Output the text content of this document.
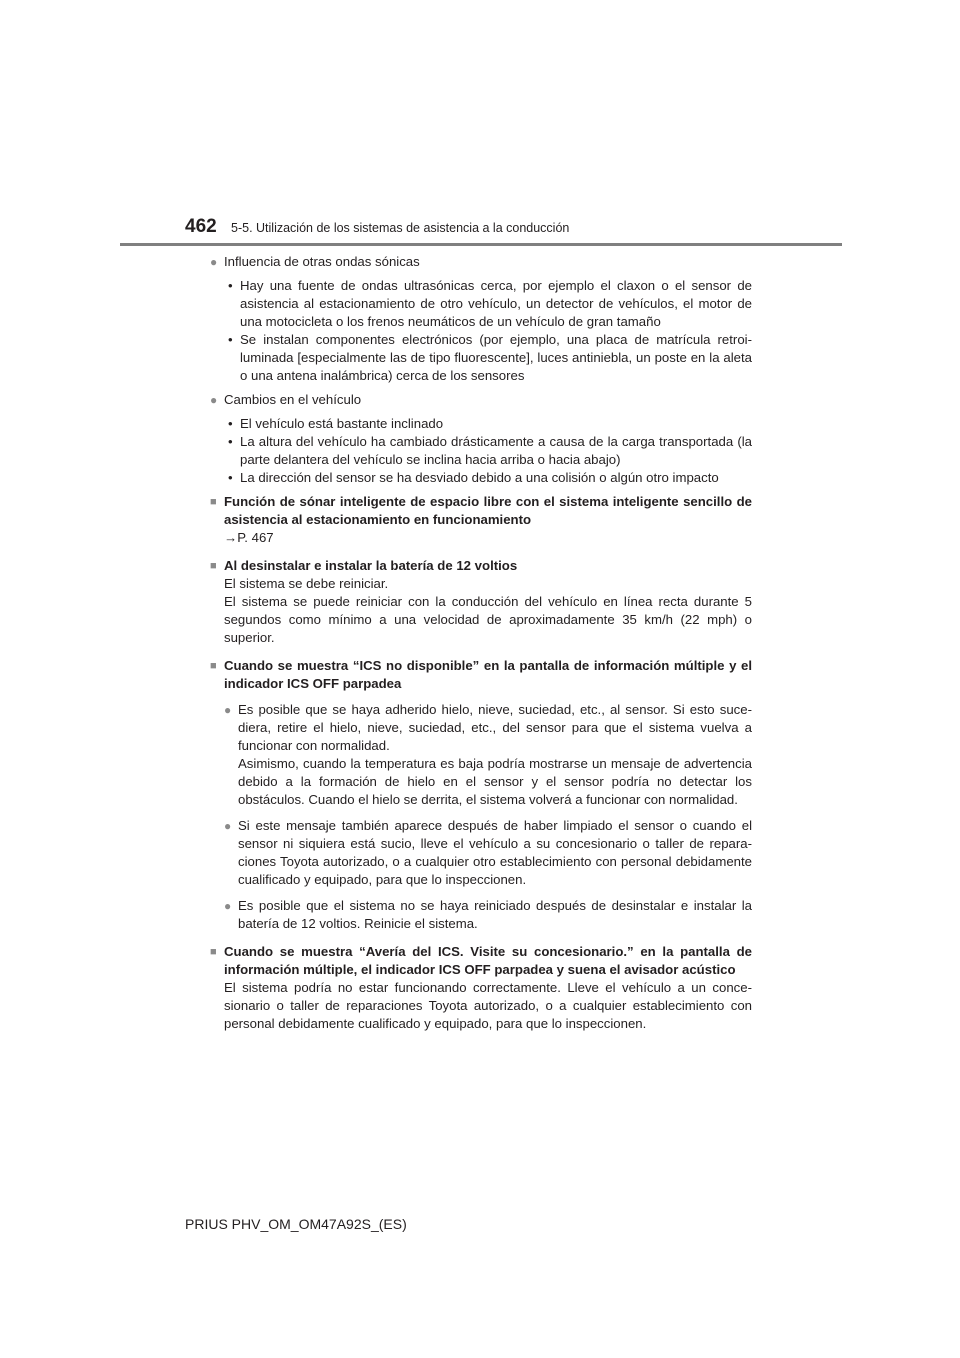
462 5-5. Utilización de los sistemas de asistencia a la conducción
● Influencia de otras ondas sónicas

• Hay una fuente de ondas ultrasónicas cerca, por ejemplo el claxon o el sensor de asistencia al estacionamiento de otro vehículo, un detector de vehículos, el motor de una motocicleta o los frenos neumáticos de un vehículo de gran tamaño

• Se instalan componentes electrónicos (por ejemplo, una placa de matrícula retroiluminada [especialmente las de tipo fluorescente], luces antiniebla, un poste en la aleta o una antena inalámbrica) cerca de los sensores

● Cambios en el vehículo

• El vehículo está bastante inclinado

• La altura del vehículo ha cambiado drásticamente a causa de la carga transportada (la parte delantera del vehículo se inclina hacia arriba o hacia abajo)

• La dirección del sensor se ha desviado debido a una colisión o algún otro impacto

■ Función de sónar inteligente de espacio libre con el sistema inteligente sencillo de asistencia al estacionamiento en funcionamiento

→P. 467

■ Al desinstalar e instalar la batería de 12 voltios

El sistema se debe reiniciar.
El sistema se puede reiniciar con la conducción del vehículo en línea recta durante 5 segundos como mínimo a una velocidad de aproximadamente 35 km/h (22 mph) o superior.

■ Cuando se muestra “ICS no disponible” en la pantalla de información múltiple y el indicador ICS OFF parpadea

● Es posible que se haya adherido hielo, nieve, suciedad, etc., al sensor. Si esto sucediera, retire el hielo, nieve, suciedad, etc., del sensor para que el sistema vuelva a funcionar con normalidad.
Asimismo, cuando la temperatura es baja podría mostrarse un mensaje de advertencia debido a la formación de hielo en el sensor y el sensor podría no detectar los obstáculos. Cuando el hielo se derrita, el sistema volverá a funcionar con normalidad.

● Si este mensaje también aparece después de haber limpiado el sensor o cuando el sensor ni siquiera está sucio, lleve el vehículo a su concesionario o taller de reparaciones Toyota autorizado, o a cualquier otro establecimiento con personal debidamente cualificado y equipado, para que lo inspeccionen.

● Es posible que el sistema no se haya reiniciado después de desinstalar e instalar la batería de 12 voltios. Reinicie el sistema.

■ Cuando se muestra “Avería del ICS. Visite su concesionario.” en la pantalla de información múltiple, el indicador ICS OFF parpadea y suena el avisador acústico

El sistema podría no estar funcionando correctamente. Lleve el vehículo a un concesionario o taller de reparaciones Toyota autorizado, o a cualquier establecimiento con personal debidamente cualificado y equipado, para que lo inspeccionen.

PRIUS PHV_OM_OM47A92S_(ES)
